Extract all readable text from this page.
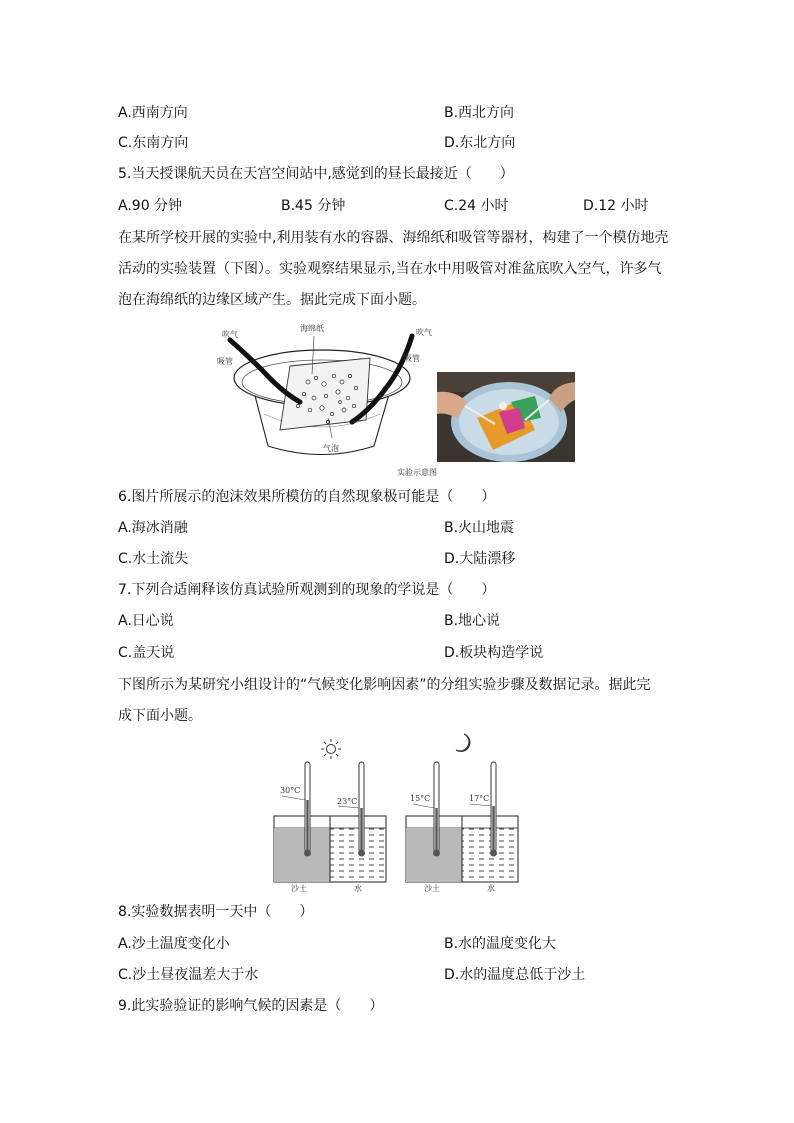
A.西南方向	B.西北方向
C.东南方向	D.东北方向
5.当天授课航天员在天宫空间站中,感觉到的昼长最接近（　　）
A.90 分钟	B.45 分钟	C.24 小时	D.12 小时
在某所学校开展的实验中,利用装有水的容器、海绵纸和吸管等器材，构建了一个模仿地壳
活动的实验装置（下图）。实验观察结果显示,当在水中用吸管对准盆底吹入空气，许多气
泡在海绵纸的边缘区域产生。据此完成下面小题。
吹气
吸管
海绵纸	吹气
吸管
气泡
实验示意图
6.图片所展示的泡沫效果所模仿的自然现象极可能是（　　）
A.海冰消融	B.火山地震
C.水土流失	D.大陆漂移
7.下列合适阐释该仿真试验所观测到的现象的学说是（　　）
A.日心说	B.地心说
C.盖天说	D.板块构造学说
下图所示为某研究小组设计的“气候变化影响因素”的分组实验步骤及数据记录。据此完
成下面小题。
30°C
23°C	15°C	17°C
沙土	水	沙土	水
8.实验数据表明一天中（　　）
A.沙土温度变化小	B.水的温度变化大
C.沙土昼夜温差大于水	D.水的温度总低于沙土
9.此实验验证的影响气候的因素是（　　）
